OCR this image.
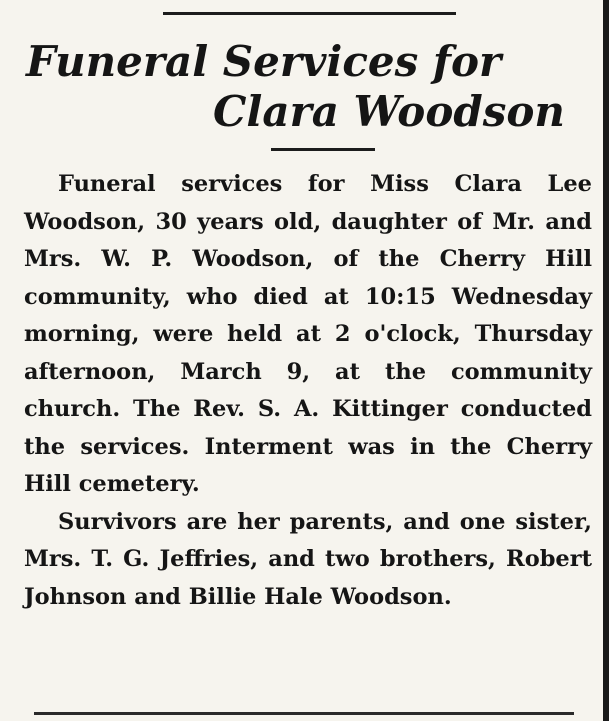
Funeral Services for
Clara Woodson

Funeral services for Miss Clara Lee Woodson, 30 years old, daughter of Mr. and Mrs. W. P. Woodson, of the Cherry Hill community, who died at 10:15 Wednesday morning, were held at 2 o'clock, Thursday afternoon, March 9, at the community church. The Rev. S. A. Kittinger conducted the services. Interment was in the Cherry Hill cemetery.

Survivors are her parents, and one sister, Mrs. T. G. Jeffries, and two brothers, Robert Johnson and Billie Hale Woodson.
